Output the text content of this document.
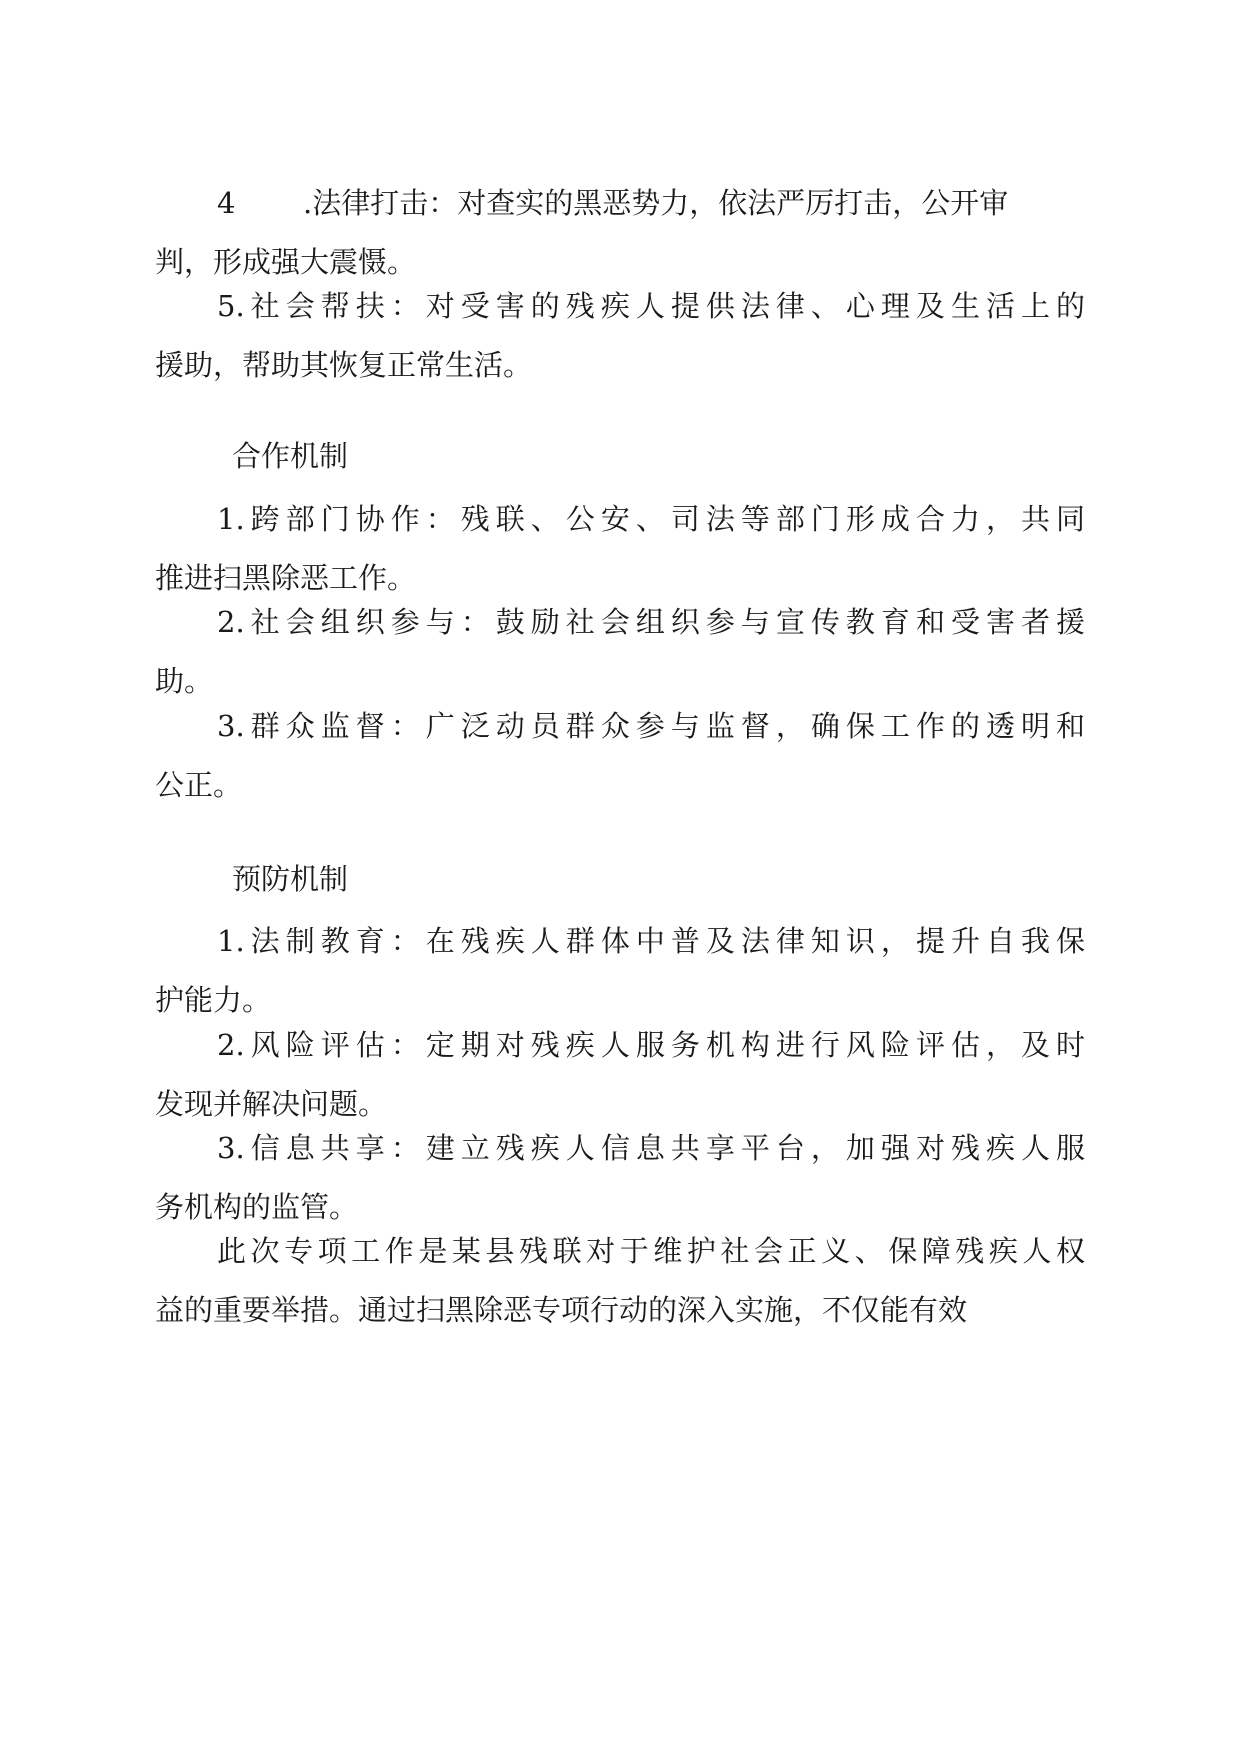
4 .法律打击：对查实的黑恶势力，依法严厉打击，公开审
判，形成强大震慑。

5.社会帮扶：对受害的残疾人提供法律、心理及生活上的
援助，帮助其恢复正常生活。

合作机制

1.跨部门协作：残联、公安、司法等部门形成合力，共同
推进扫黑除恶工作。

2.社会组织参与：鼓励社会组织参与宣传教育和受害者援
助。

3.群众监督：广泛动员群众参与监督，确保工作的透明和
公正。

预防机制

1.法制教育：在残疾人群体中普及法律知识，提升自我保
护能力。

2.风险评估：定期对残疾人服务机构进行风险评估，及时
发现并解决问题。

3.信息共享：建立残疾人信息共享平台，加强对残疾人服
务机构的监管。

此次专项工作是某县残联对于维护社会正义、保障残疾人权
益的重要举措。通过扫黑除恶专项行动的深入实施，不仅能有效
